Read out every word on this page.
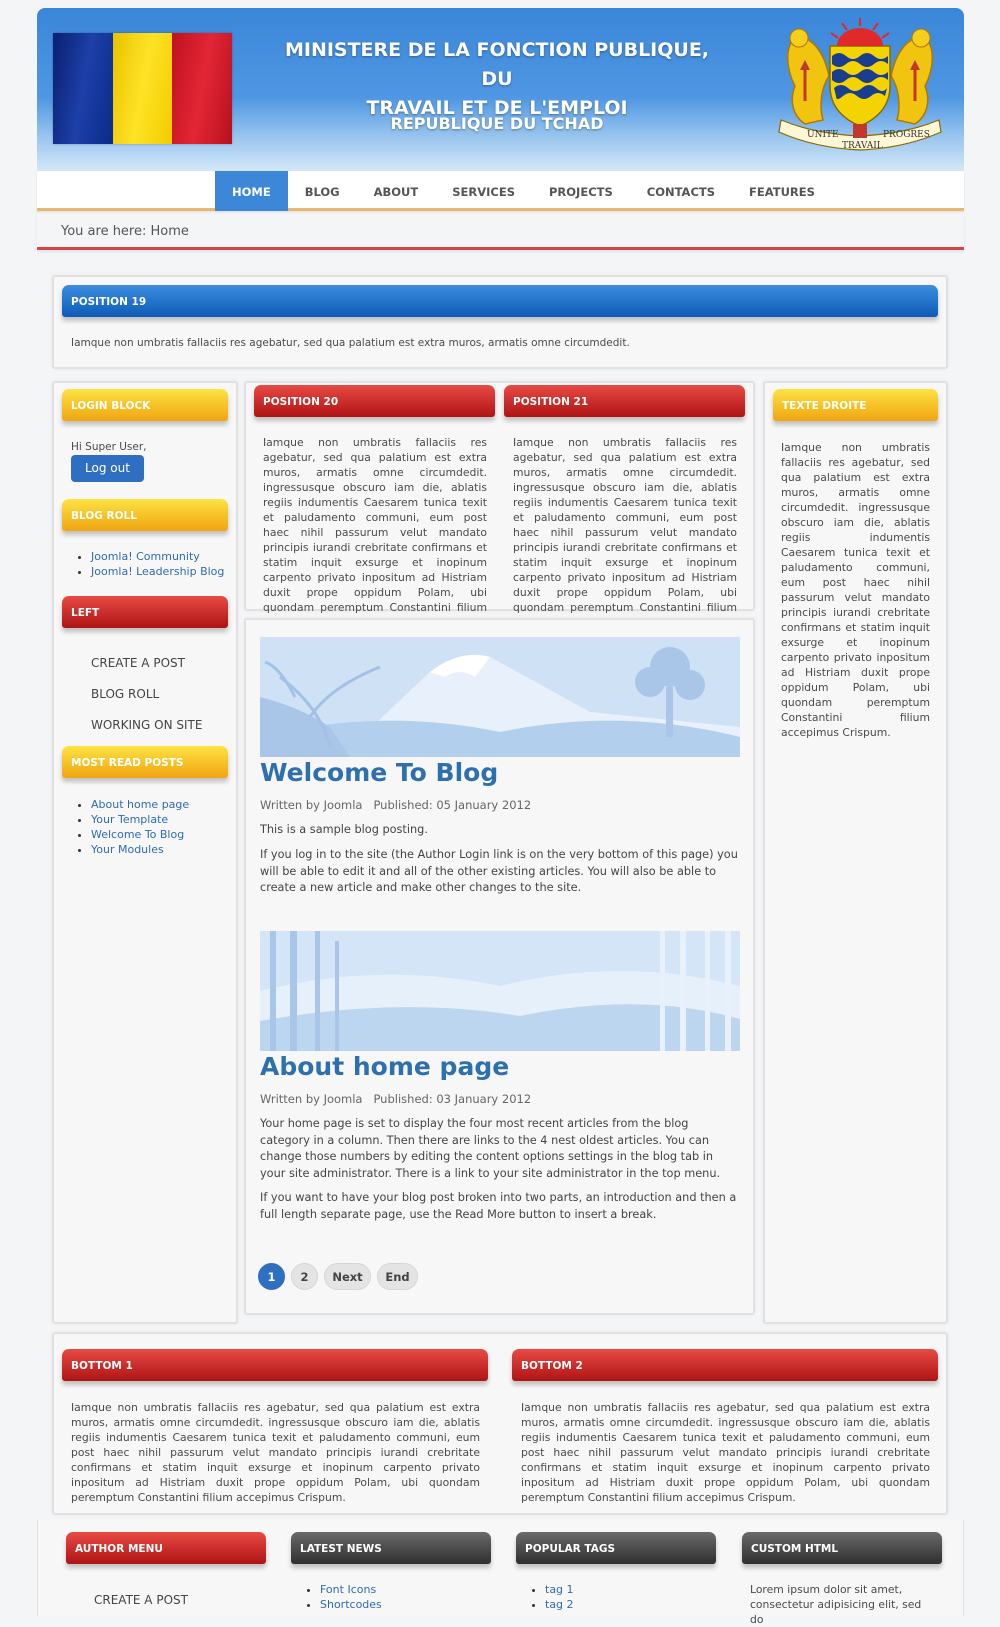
MINISTERE DE LA FONCTION PUBLIQUE, DU
TRAVAIL ET DE L'EMPLOI
REPUBLIQUE DU TCHAD
UNITE
TRAVAIL
PROGRES
HOME	BLOG	ABOUT	SERVICES	PROJECTS	CONTACTS	FEATURES
You are here: Home
POSITION 19
Iamque non umbratis fallaciis res agebatur, sed qua palatium est extra muros, armatis omne circumdedit.
LOGIN BLOCK
Hi Super User,
Log out
BLOG ROLL
• Joomla! Community
• Joomla! Leadership Blog
LEFT
CREATE A POST
BLOG ROLL
WORKING ON SITE
MOST READ POSTS
• About home page
• Your Template
• Welcome To Blog
• Your Modules
POSITION 20
Iamque non umbratis fallaciis res agebatur, sed qua palatium est extra muros, armatis omne circumdedit. ingressusque obscuro iam die, ablatis regiis indumentis Caesarem tunica texit et paludamento communi, eum post haec nihil passurum velut mandato principis iurandi crebritate confirmans et statim inquit exsurge et inopinum carpento privato inpositum ad Histriam duxit prope oppidum Polam, ubi quondam peremptum Constantini filium
POSITION 21
Iamque non umbratis fallaciis res agebatur, sed qua palatium est extra muros, armatis omne circumdedit. ingressusque obscuro iam die, ablatis regiis indumentis Caesarem tunica texit et paludamento communi, eum post haec nihil passurum velut mandato principis iurandi crebritate confirmans et statim inquit exsurge et inopinum carpento privato inpositum ad Histriam duxit prope oppidum Polam, ubi quondam peremptum Constantini filium
TEXTE DROITE
Iamque non umbratis fallaciis res agebatur, sed qua palatium est extra muros, armatis omne circumdedit. ingressusque obscuro iam die, ablatis regiis indumentis Caesarem tunica texit et paludamento communi, eum post haec nihil passurum velut mandato principis iurandi crebritate confirmans et statim inquit exsurge et inopinum carpento privato inpositum ad Histriam duxit prope oppidum Polam, ubi quondam peremptum Constantini filium accepimus Crispum.
Welcome To Blog
Written by Joomla Published: 05 January 2012
This is a sample blog posting.
If you log in to the site (the Author Login link is on the very bottom of this page) you will be able to edit it and all of the other existing articles. You will also be able to create a new article and make other changes to the site.
About home page
Written by Joomla Published: 03 January 2012
Your home page is set to display the four most recent articles from the blog category in a column. Then there are links to the 4 nest oldest articles. You can change those numbers by editing the content options settings in the blog tab in your site administrator. There is a link to your site administrator in the top menu.
If you want to have your blog post broken into two parts, an introduction and then a full length separate page, use the Read More button to insert a break.
1	2	Next	End
BOTTOM 1
Iamque non umbratis fallaciis res agebatur, sed qua palatium est extra muros, armatis omne circumdedit. ingressusque obscuro iam die, ablatis regiis indumentis Caesarem tunica texit et paludamento communi, eum post haec nihil passurum velut mandato principis iurandi crebritate confirmans et statim inquit exsurge et inopinum carpento privato inpositum ad Histriam duxit prope oppidum Polam, ubi quondam peremptum Constantini filium accepimus Crispum.
BOTTOM 2
Iamque non umbratis fallaciis res agebatur, sed qua palatium est extra muros, armatis omne circumdedit. ingressusque obscuro iam die, ablatis regiis indumentis Caesarem tunica texit et paludamento communi, eum post haec nihil passurum velut mandato principis iurandi crebritate confirmans et statim inquit exsurge et inopinum carpento privato inpositum ad Histriam duxit prope oppidum Polam, ubi quondam peremptum Constantini filium accepimus Crispum.
AUTHOR MENU
CREATE A POST
LATEST NEWS
• Font Icons
• Shortcodes
POPULAR TAGS
• tag 1
• tag 2
CUSTOM HTML
Lorem ipsum dolor sit amet, consectetur adipisicing elit, sed do
